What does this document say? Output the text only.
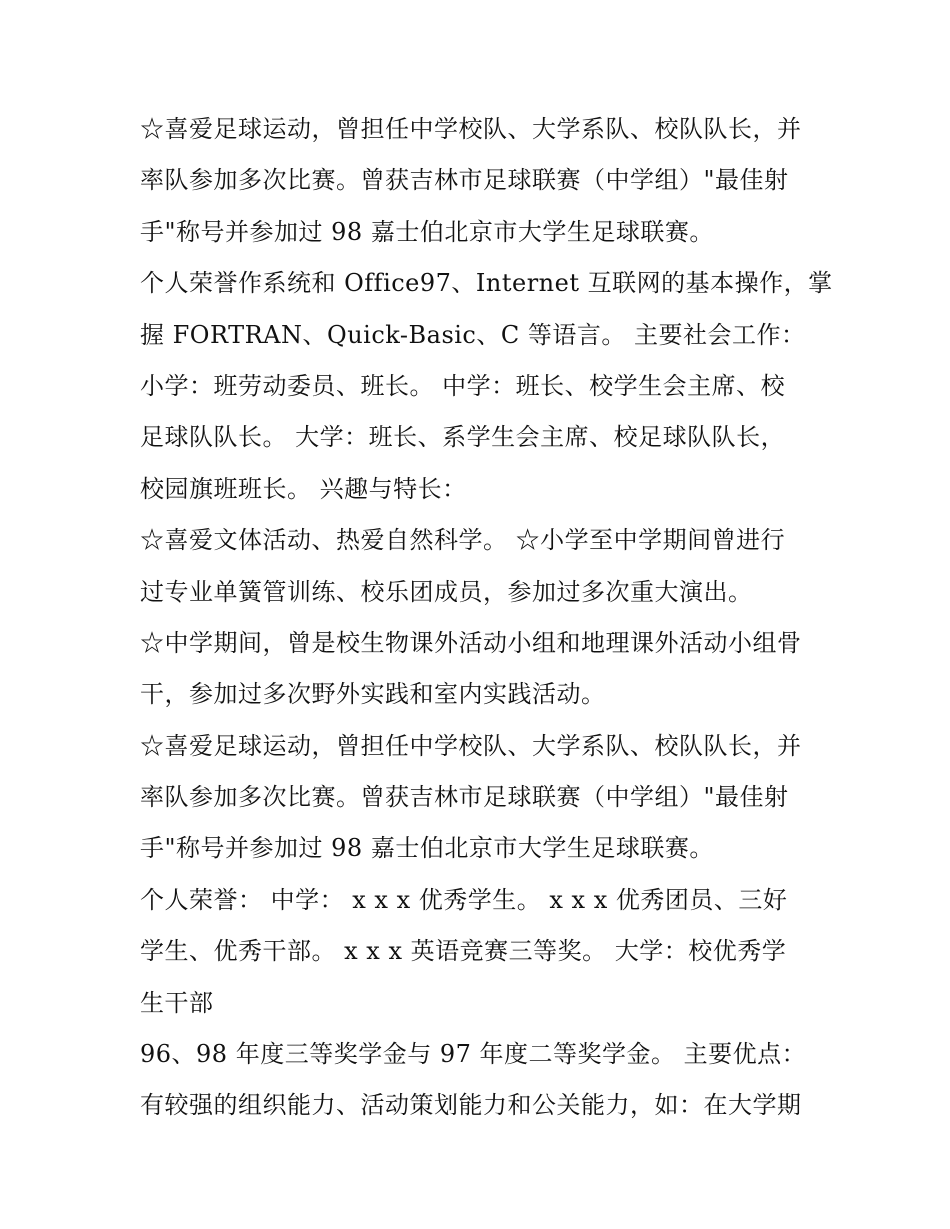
☆喜爱足球运动，曾担任中学校队、大学系队、校队队长，并
率队参加多次比赛。曾获吉林市足球联赛（中学组）"最佳射
手"称号并参加过 98 嘉士伯北京市大学生足球联赛。
个人荣誉作系统和 Office97、Internet 互联网的基本操作，掌
握 FORTRAN、Quick-Basic、C 等语言。 主要社会工作：
小学：班劳动委员、班长。 中学：班长、校学生会主席、校
足球队队长。 大学：班长、系学生会主席、校足球队队长，
校园旗班班长。 兴趣与特长：
☆喜爱文体活动、热爱自然科学。 ☆小学至中学期间曾进行
过专业单簧管训练、校乐团成员，参加过多次重大演出。
☆中学期间，曾是校生物课外活动小组和地理课外活动小组骨
干，参加过多次野外实践和室内实践活动。
☆喜爱足球运动，曾担任中学校队、大学系队、校队队长，并
率队参加多次比赛。曾获吉林市足球联赛（中学组）"最佳射
手"称号并参加过 98 嘉士伯北京市大学生足球联赛。
个人荣誉： 中学： x x x 优秀学生。 x x x 优秀团员、三好
学生、优秀干部。 x x x 英语竞赛三等奖。 大学：校优秀学
生干部
96、98 年度三等奖学金与 97 年度二等奖学金。 主要优点：
有较强的组织能力、活动策划能力和公关能力，如：在大学期
